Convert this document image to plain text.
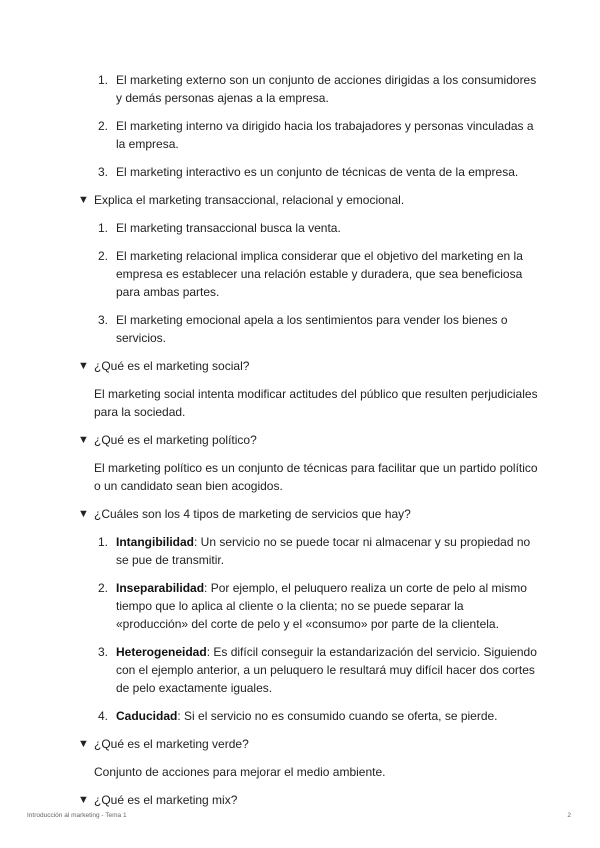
1. El marketing externo son un conjunto de acciones dirigidas a los consumidores y demás personas ajenas a la empresa.
2. El marketing interno va dirigido hacia los trabajadores y personas vinculadas a la empresa.
3. El marketing interactivo es un conjunto de técnicas de venta de la empresa.
▼ Explica el marketing transaccional, relacional y emocional.
1. El marketing transaccional busca la venta.
2. El marketing relacional implica considerar que el objetivo del marketing en la empresa es establecer una relación estable y duradera, que sea beneficiosa para ambas partes.
3. El marketing emocional apela a los sentimientos para vender los bienes o servicios.
▼ ¿Qué es el marketing social?
El marketing social intenta modificar actitudes del público que resulten perjudiciales para la sociedad.
▼ ¿Qué es el marketing político?
El marketing político es un conjunto de técnicas para facilitar que un partido político o un candidato sean bien acogidos.
▼ ¿Cuáles son los 4 tipos de marketing de servicios que hay?
1. Intangibilidad: Un servicio no se puede tocar ni almacenar y su propiedad no se pue de transmitir.
2. Inseparabilidad: Por ejemplo, el peluquero realiza un corte de pelo al mismo tiempo que lo aplica al cliente o la clienta; no se puede separar la «producción» del corte de pelo y el «consumo» por parte de la clientela.
3. Heterogeneidad: Es difícil conseguir la estandarización del servicio. Siguiendo con el ejemplo anterior, a un peluquero le resultará muy difícil hacer dos cortes de pelo exactamente iguales.
4. Caducidad: Si el servicio no es consumido cuando se oferta, se pierde.
▼ ¿Qué es el marketing verde?
Conjunto de acciones para mejorar el medio ambiente.
▼ ¿Qué es el marketing mix?
Introducción al marketing - Tema 1	2
